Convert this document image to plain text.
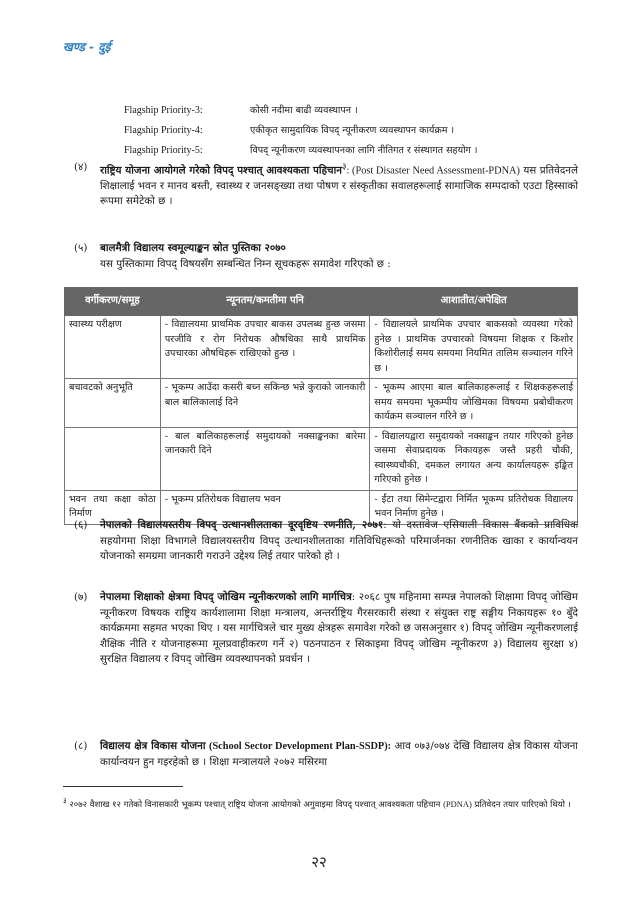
खण्ड - दुई
Flagship Priority-3:	कोसी नदीमा बाढी व्यवस्थापन ।
Flagship Priority-4:	एकीकृत सामुदायिक विपद् न्यूनीकरण व्यवस्थापन कार्यक्रम ।
Flagship Priority-5:	विपद् न्यूनीकरण व्यवस्थापनका लागि नीतिगत र संस्थागत सहयोग ।
(४) राष्ट्रिय योजना आयोगले गरेको विपद् पश्चात् आवश्यकता पहिचान$^३$: (Post Disaster Need Assessment-PDNA) यस प्रतिवेदनले शिक्षालाई भवन र मानव बस्ती, स्वास्थ्य र जनसङ्ख्या तथा पोषण र संस्कृतीका सवालहरूलाई सामाजिक सम्पदाको एउटा हिस्साको रूपमा समेटेको छ ।
(५) बालमैत्री विद्यालय स्वमूल्याङ्कन स्रोत पुस्तिका २०७०
यस पुस्तिकामा विपद् विषयसँग सम्बन्धित निम्न सूचकहरू समावेश गरिएको छ :
वर्गीकरण/समूह	न्यूनतम/कमतीमा पनि	आशातीत/अपेक्षित
स्वास्थ्य परीक्षण	- विद्यालयमा प्राथमिक उपचार बाकस उपलब्ध हुन्छ जसमा परजीवि र रोग निरोधक औषधिका साथै प्राथमिक उपचारका औषधिहरू राखिएको हुन्छ ।	- विद्यालयले प्राथमिक उपचार बाकसको व्यवस्था गरेको हुनेछ । प्राथमिक उपचारको विषयमा शिक्षक र किशोर किशोरीलाई समय समयमा नियमित तालिम सञ्चालन गरिने छ ।
बचावटको अनुभूति	- भूकम्प आउँदा कसरी बच्न सकिन्छ भन्ने कुराको जानकारी बाल बालिकालाई दिने	- भूकम्प आएमा बाल बालिकाहरूलाई र शिक्षकहरूलाई समय समयमा भूकम्पीय जोखिमका विषयमा प्रबोधीकरण कार्यक्रम सञ्चालन गरिने छ ।
	- बाल बालिकाहरूलाई समुदायको नक्साङ्कनका बारेमा जानकारी दिने	- विद्यालयद्वारा समुदायको नक्साङ्कन तयार गरिएको हुनेछ जसमा सेवाप्रदायक निकायहरू जस्तै प्रहरी चौकी, स्वास्थ्यचौकी, दमकल लगायत अन्य कार्यालयहरू इङ्कित गरिएको हुनेछ ।
भवन तथा कक्षा कोठा निर्माण	- भूकम्प प्रतिरोधक विद्यालय भवन	- ईंटा तथा सिमेन्टद्वारा निर्मित भूकम्प प्रतिरोधक विद्यालय भवन निर्माण हुनेछ ।
(६) नेपालको विद्यालयस्तरीय विपद् उत्थानशीलताका दूरदृष्टिय रणनीति, २०७१: यो दस्तावेज एसियाली विकास बैंकको प्राविधिक सहयोगमा शिक्षा विभागले विद्यालयस्तरीय विपद् उत्थानशीलताका गतिविधिहरूको परिमार्जनका रणनीतिक खाका र कार्यान्वयन योजनाको समग्रमा जानकारी गराउने उद्देश्य लिई तयार पारेको हो ।
(७) नेपालमा शिक्षाको क्षेत्रमा विपद् जोखिम न्यूनीकरणको लागि मार्गचित्र: २०६८ पुष महिनामा सम्पन्न नेपालको शिक्षामा विपद् जोखिम न्यूनीकरण विषयक राष्ट्रिय कार्यशालामा शिक्षा मन्त्रालय, अन्तर्राष्ट्रिय गैरसरकारी संस्था र संयुक्त राष्ट्र सङ्घीय निकायहरू १० बुँदे कार्यक्रममा सहमत भएका थिए । यस मार्गचित्रले चार मुख्य क्षेत्रहरू समावेश गरेको छ जसअनुसार १) विपद् जोखिम न्यूनीकरणलाई शैक्षिक नीति र योजनाहरूमा मूलप्रवाहीकरण गर्ने २) पठनपाठन र सिकाइमा विपद् जोखिम न्यूनीकरण ३) विद्यालय सुरक्षा ४) सुरक्षित विद्यालय र विपद् जोखिम व्यवस्थापनको प्रवर्धन ।
(८) विद्यालय क्षेत्र विकास योजना (School Sector Development Plan-SSDP): आव ०७३/०७४ देखि विद्यालय क्षेत्र विकास योजना कार्यान्वयन हुन गइरहेको छ । शिक्षा मन्त्रालयले २०७२ मसिरमा
$^३$ २०७२ वैशाख १२ गतेको विनासकारी भूकम्प पश्चात् राष्ट्रिय योजना आयोगको अगुवाइमा विपद् पश्चात् आवश्यकता पहिचान (PDNA) प्रतिवेदन तयार पारिएको थियो ।
२२
